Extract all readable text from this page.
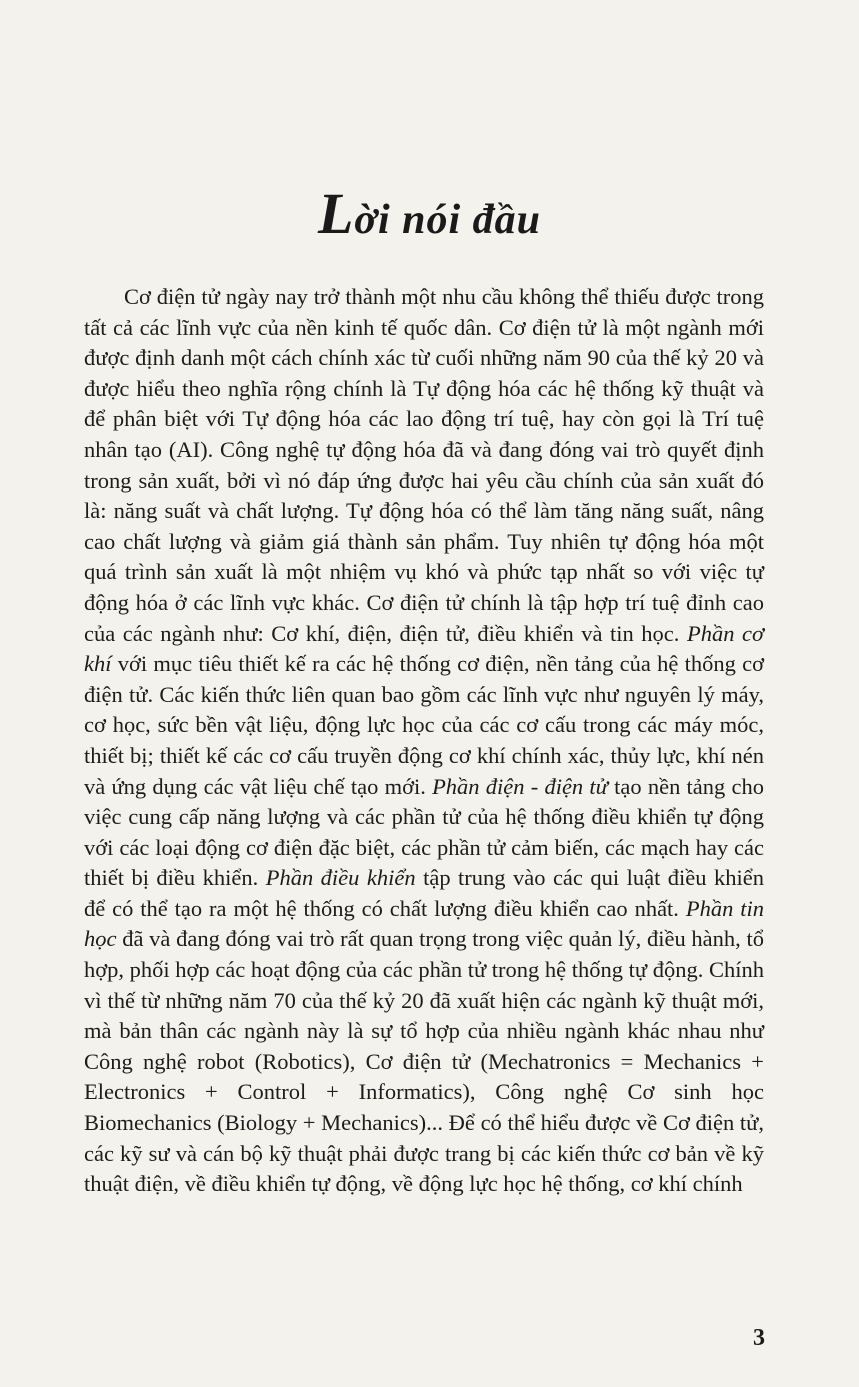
Lời nói đầu

Cơ điện tử ngày nay trở thành một nhu cầu không thể thiếu được trong tất cả các lĩnh vực của nền kinh tế quốc dân. Cơ điện tử là một ngành mới được định danh một cách chính xác từ cuối những năm 90 của thế kỷ 20 và được hiểu theo nghĩa rộng chính là Tự động hóa các hệ thống kỹ thuật và để phân biệt với Tự động hóa các lao động trí tuệ, hay còn gọi là Trí tuệ nhân tạo (AI). Công nghệ tự động hóa đã và đang đóng vai trò quyết định trong sản xuất, bởi vì nó đáp ứng được hai yêu cầu chính của sản xuất đó là: năng suất và chất lượng. Tự động hóa có thể làm tăng năng suất, nâng cao chất lượng và giảm giá thành sản phẩm. Tuy nhiên tự động hóa một quá trình sản xuất là một nhiệm vụ khó và phức tạp nhất so với việc tự động hóa ở các lĩnh vực khác. Cơ điện tử chính là tập hợp trí tuệ đỉnh cao của các ngành như: Cơ khí, điện, điện tử, điều khiển và tin học. Phần cơ khí với mục tiêu thiết kế ra các hệ thống cơ điện, nền tảng của hệ thống cơ điện tử. Các kiến thức liên quan bao gồm các lĩnh vực như nguyên lý máy, cơ học, sức bền vật liệu, động lực học của các cơ cấu trong các máy móc, thiết bị; thiết kế các cơ cấu truyền động cơ khí chính xác, thủy lực, khí nén và ứng dụng các vật liệu chế tạo mới. Phần điện - điện tử tạo nền tảng cho việc cung cấp năng lượng và các phần tử của hệ thống điều khiển tự động với các loại động cơ điện đặc biệt, các phần tử cảm biến, các mạch hay các thiết bị điều khiển. Phần điều khiển tập trung vào các qui luật điều khiển để có thể tạo ra một hệ thống có chất lượng điều khiển cao nhất. Phần tin học đã và đang đóng vai trò rất quan trọng trong việc quản lý, điều hành, tổ hợp, phối hợp các hoạt động của các phần tử trong hệ thống tự động. Chính vì thế từ những năm 70 của thế kỷ 20 đã xuất hiện các ngành kỹ thuật mới, mà bản thân các ngành này là sự tổ hợp của nhiều ngành khác nhau như Công nghệ robot (Robotics), Cơ điện tử (Mechatronics = Mechanics + Electronics + Control + Informatics), Công nghệ Cơ sinh học Biomechanics (Biology + Mechanics)... Để có thể hiểu được về Cơ điện tử, các kỹ sư và cán bộ kỹ thuật phải được trang bị các kiến thức cơ bản về kỹ thuật điện, về điều khiển tự động, về động lực học hệ thống, cơ khí chính

3
